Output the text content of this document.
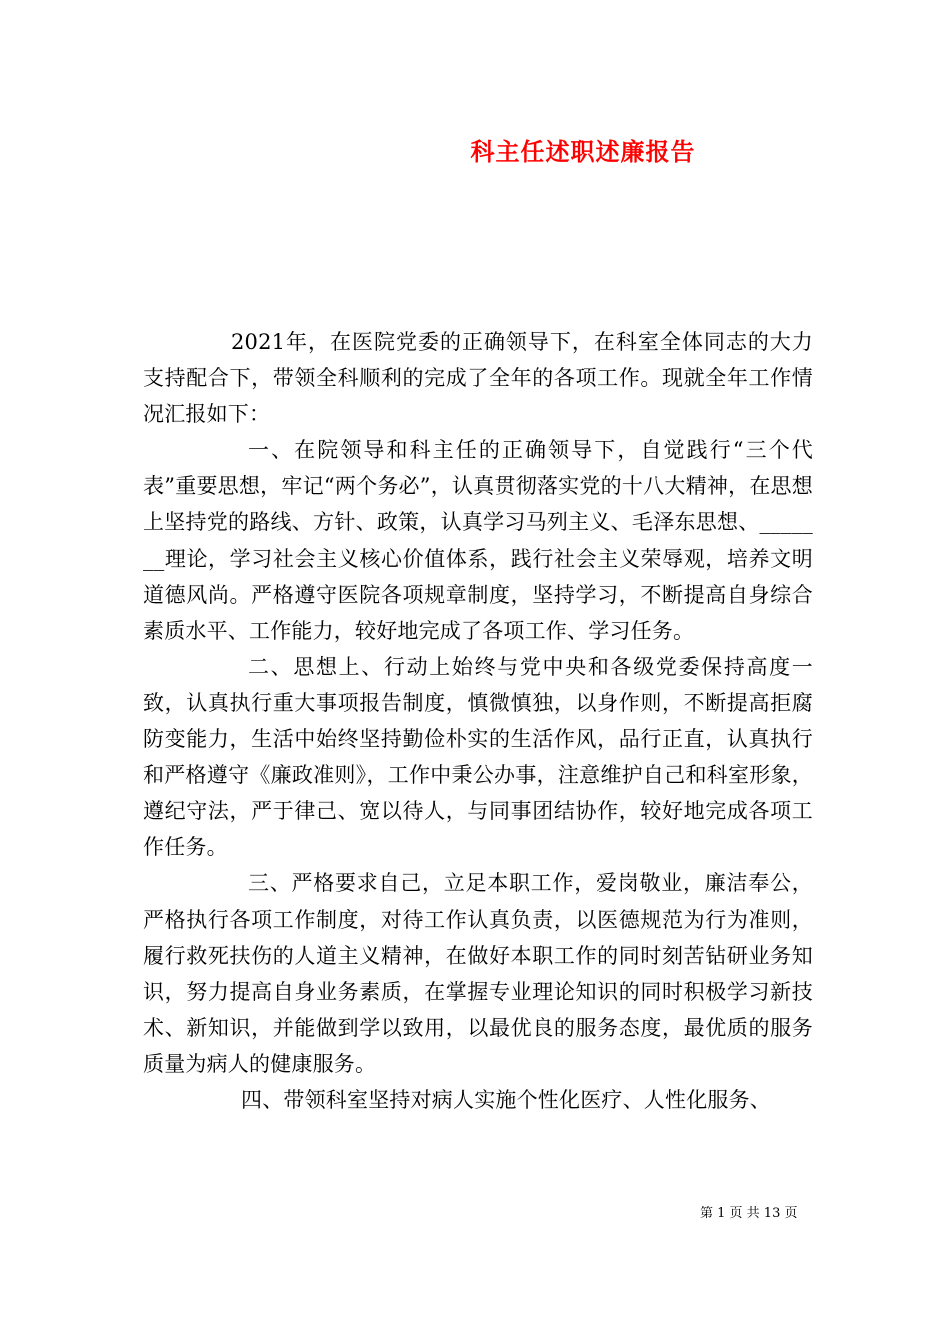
科主任述职述廉报告

2021年，在医院党委的正确领导下，在科室全体同志的大力支持配合下，带领全科顺利的完成了全年的各项工作。现就全年工作情况汇报如下：

一、在院领导和科主任的正确领导下，自觉践行“三个代表”重要思想，牢记“两个务必”，认真贯彻落实党的十八大精神，在思想上坚持党的路线、方针、政策，认真学习马列主义、毛泽东思想、_______理论，学习社会主义核心价值体系，践行社会主义荣辱观，培养文明道德风尚。严格遵守医院各项规章制度，坚持学习，不断提高自身综合素质水平、工作能力，较好地完成了各项工作、学习任务。

二、思想上、行动上始终与党中央和各级党委保持高度一致，认真执行重大事项报告制度，慎微慎独，以身作则，不断提高拒腐防变能力，生活中始终坚持勤俭朴实的生活作风，品行正直，认真执行和严格遵守《廉政准则》，工作中秉公办事，注意维护自己和科室形象，遵纪守法，严于律己、宽以待人，与同事团结协作，较好地完成各项工作任务。

三、严格要求自己，立足本职工作，爱岗敬业，廉洁奉公，严格执行各项工作制度，对待工作认真负责，以医德规范为行为准则，履行救死扶伤的人道主义精神，在做好本职工作的同时刻苦钻研业务知识，努力提高自身业务素质，在掌握专业理论知识的同时积极学习新技术、新知识，并能做到学以致用，以最优良的服务态度，最优质的服务质量为病人的健康服务。

四、带领科室坚持对病人实施个性化医疗、人性化服务、

第 1 页 共 13 页
